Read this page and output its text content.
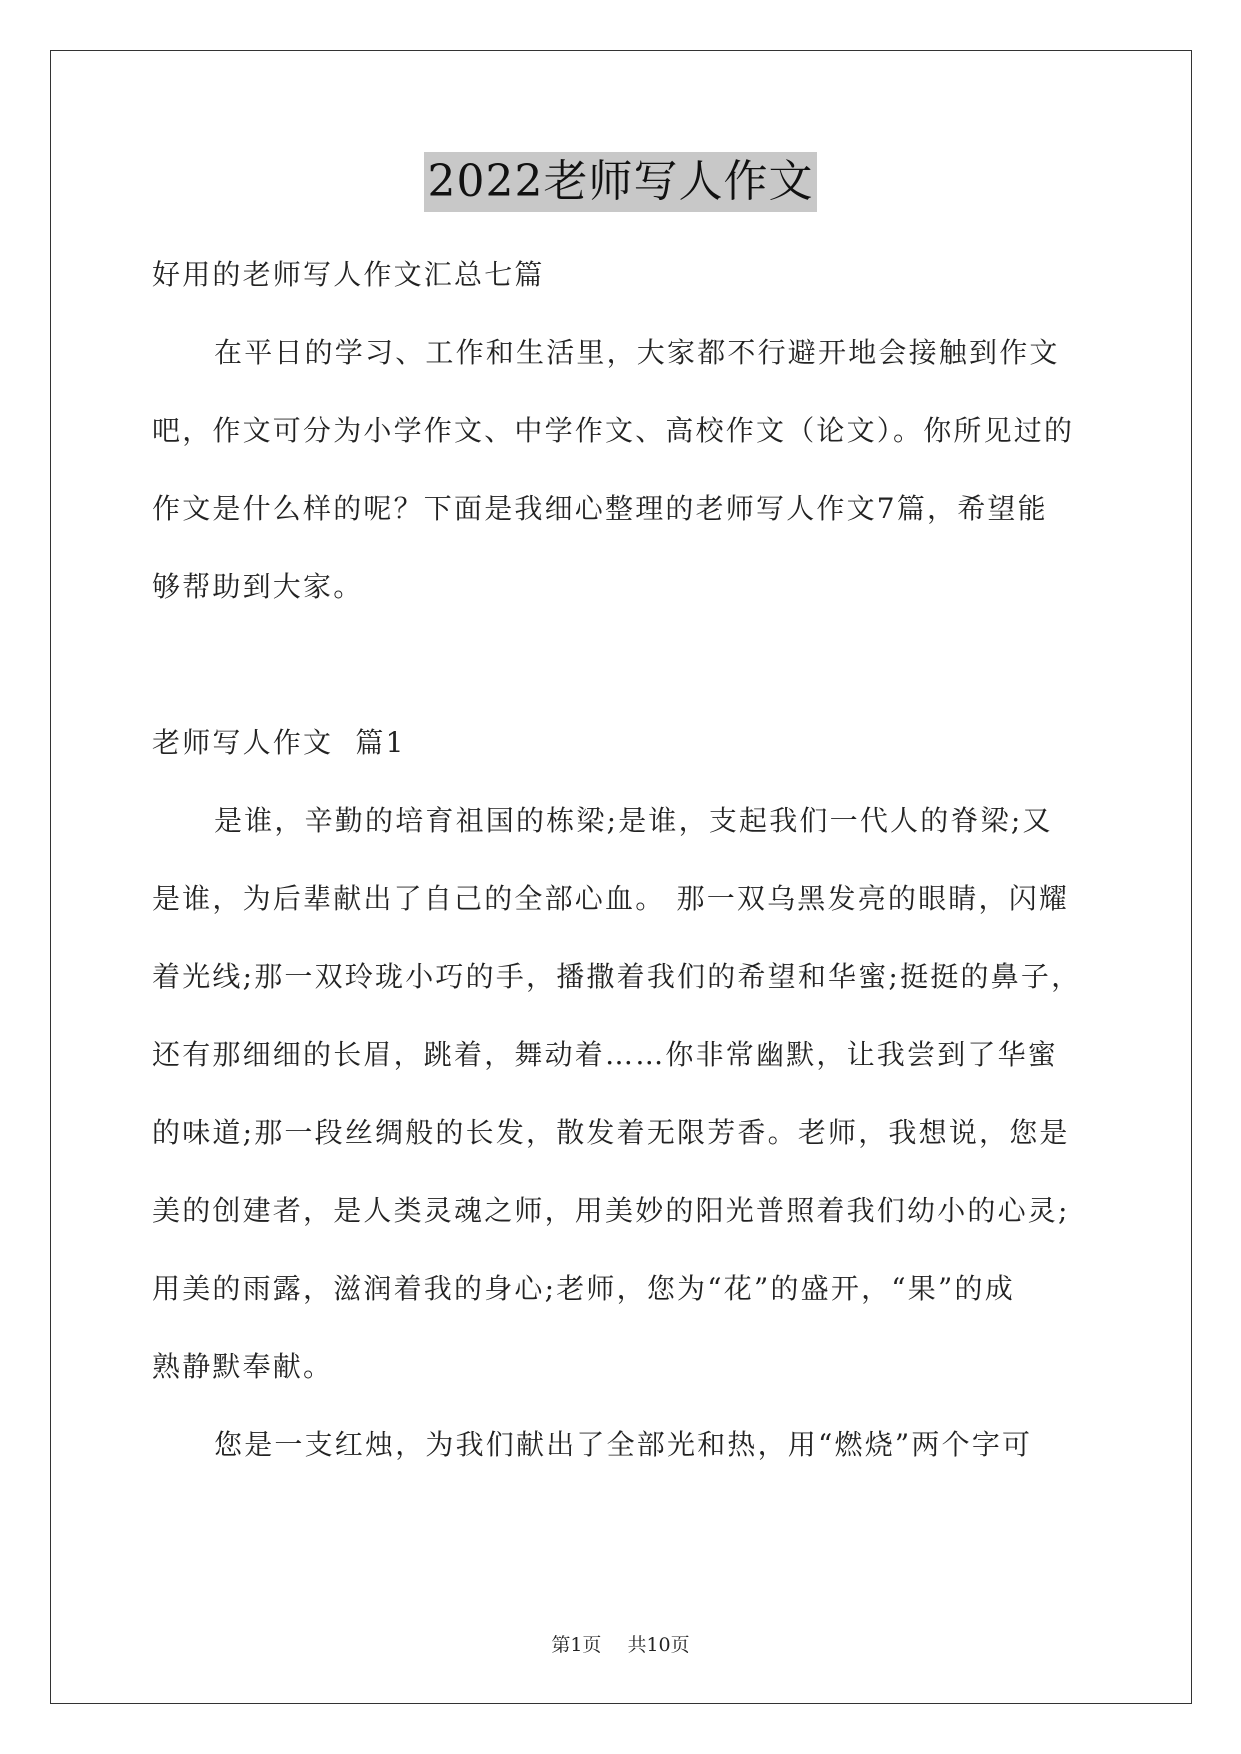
2022老师写人作文
好用的老师写人作文汇总七篇
在平日的学习、工作和生活里，大家都不行避开地会接触到作文
吧，作文可分为小学作文、中学作文、高校作文（论文）。你所见过的
作文是什么样的呢？下面是我细心整理的老师写人作文7篇，希望能
够帮助到大家。
老师写人作文  篇1
是谁，辛勤的培育祖国的栋梁;是谁，支起我们一代人的脊梁;又
是谁，为后辈献出了自己的全部心血。 那一双乌黑发亮的眼睛，闪耀
着光线;那一双玲珑小巧的手，播撒着我们的希望和华蜜;挺挺的鼻子，
还有那细细的长眉，跳着，舞动着……你非常幽默，让我尝到了华蜜
的味道;那一段丝绸般的长发，散发着无限芳香。老师，我想说，您是
美的创建者，是人类灵魂之师，用美妙的阳光普照着我们幼小的心灵;
用美的雨露，滋润着我的身心;老师，您为“花”的盛开，“果”的成
熟静默奉献。
您是一支红烛，为我们献出了全部光和热，用“燃烧”两个字可
第1页 共10页
